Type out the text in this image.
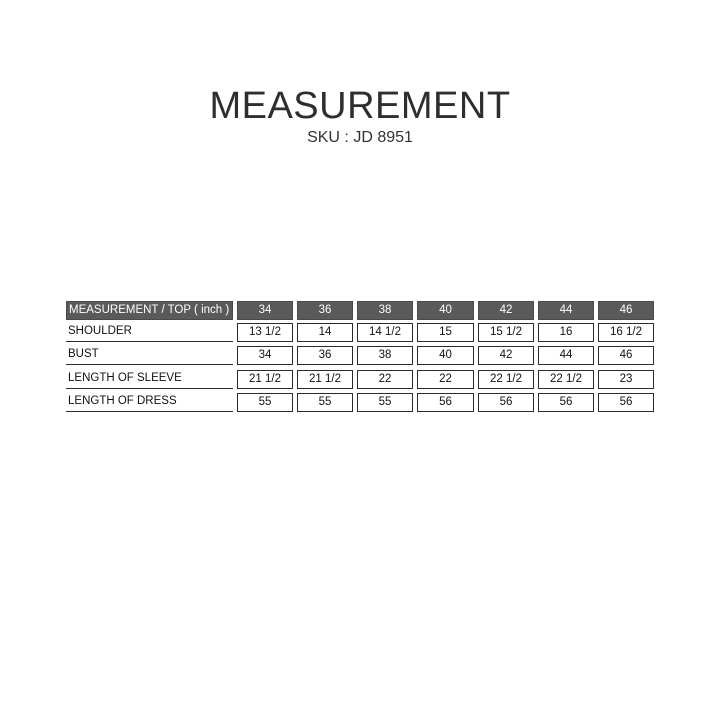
MEASUREMENT
SKU : JD 8951
MEASUREMENT / TOP ( inch )	34	36	38	40	42	44	46
SHOULDER	13 1/2	14	14 1/2	15	15 1/2	16	16 1/2
BUST	34	36	38	40	42	44	46
LENGTH OF SLEEVE	21 1/2	21 1/2	22	22	22 1/2	22 1/2	23
LENGTH OF DRESS	55	55	55	56	56	56	56
